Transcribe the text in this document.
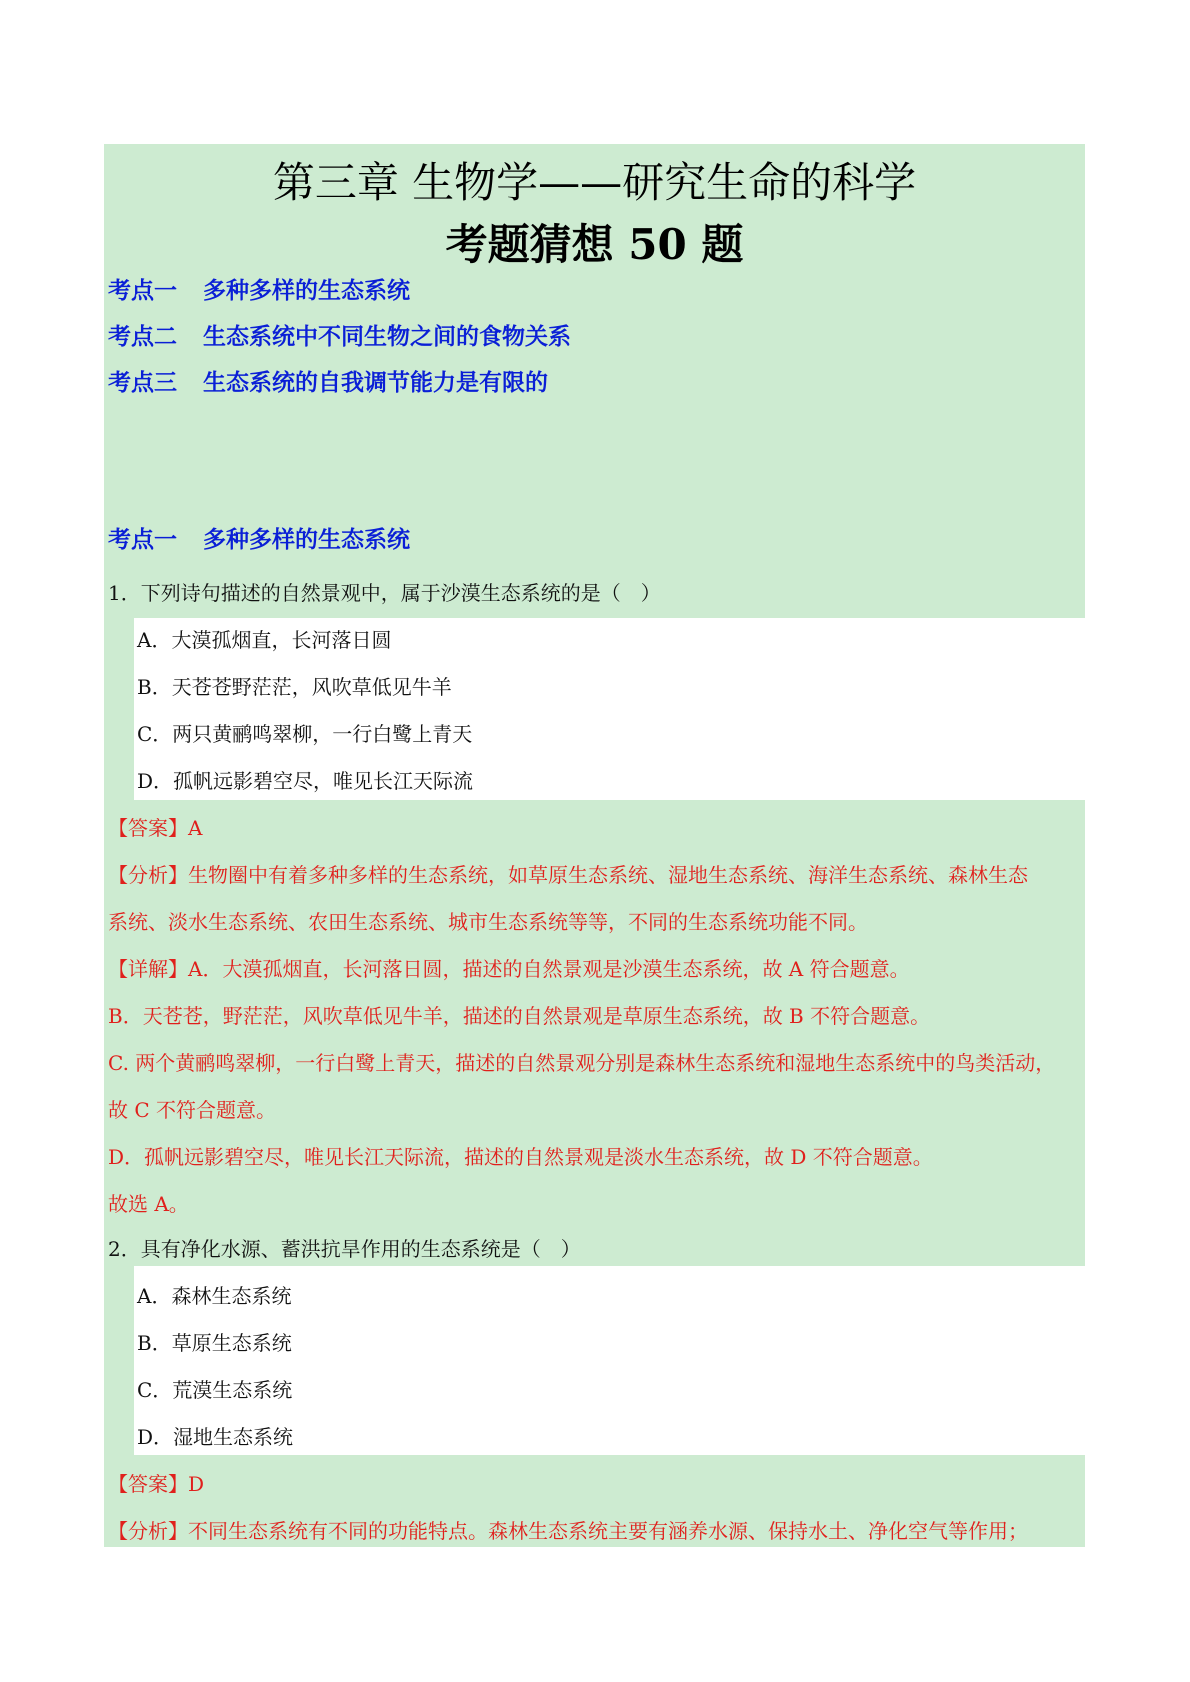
第三章 生物学——研究生命的科学
考题猜想 50 题
考点一 多种多样的生态系统
考点二 生态系统中不同生物之间的食物关系
考点三 生态系统的自我调节能力是有限的
考点一 多种多样的生态系统
1．下列诗句描述的自然景观中，属于沙漠生态系统的是（　）
A．大漠孤烟直，长河落日圆
B．天苍苍野茫茫，风吹草低见牛羊
C．两只黄鹂鸣翠柳，一行白鹭上青天
D．孤帆远影碧空尽，唯见长江天际流
【答案】A
【分析】生物圈中有着多种多样的生态系统，如草原生态系统、湿地生态系统、海洋生态系统、森林生态
系统、淡水生态系统、农田生态系统、城市生态系统等等，不同的生态系统功能不同。
【详解】A．大漠孤烟直，长河落日圆，描述的自然景观是沙漠生态系统，故 A 符合题意。
B．天苍苍，野茫茫，风吹草低见牛羊，描述的自然景观是草原生态系统，故 B 不符合题意。
C. 两个黄鹂鸣翠柳，一行白鹭上青天，描述的自然景观分别是森林生态系统和湿地生态系统中的鸟类活动，
故 C 不符合题意。
D．孤帆远影碧空尽，唯见长江天际流，描述的自然景观是淡水生态系统，故 D 不符合题意。
故选 A。
2．具有净化水源、蓄洪抗旱作用的生态系统是（　）
A．森林生态系统
B．草原生态系统
C．荒漠生态系统
D．湿地生态系统
【答案】D
【分析】不同生态系统有不同的功能特点。森林生态系统主要有涵养水源、保持水土、净化空气等作用；
